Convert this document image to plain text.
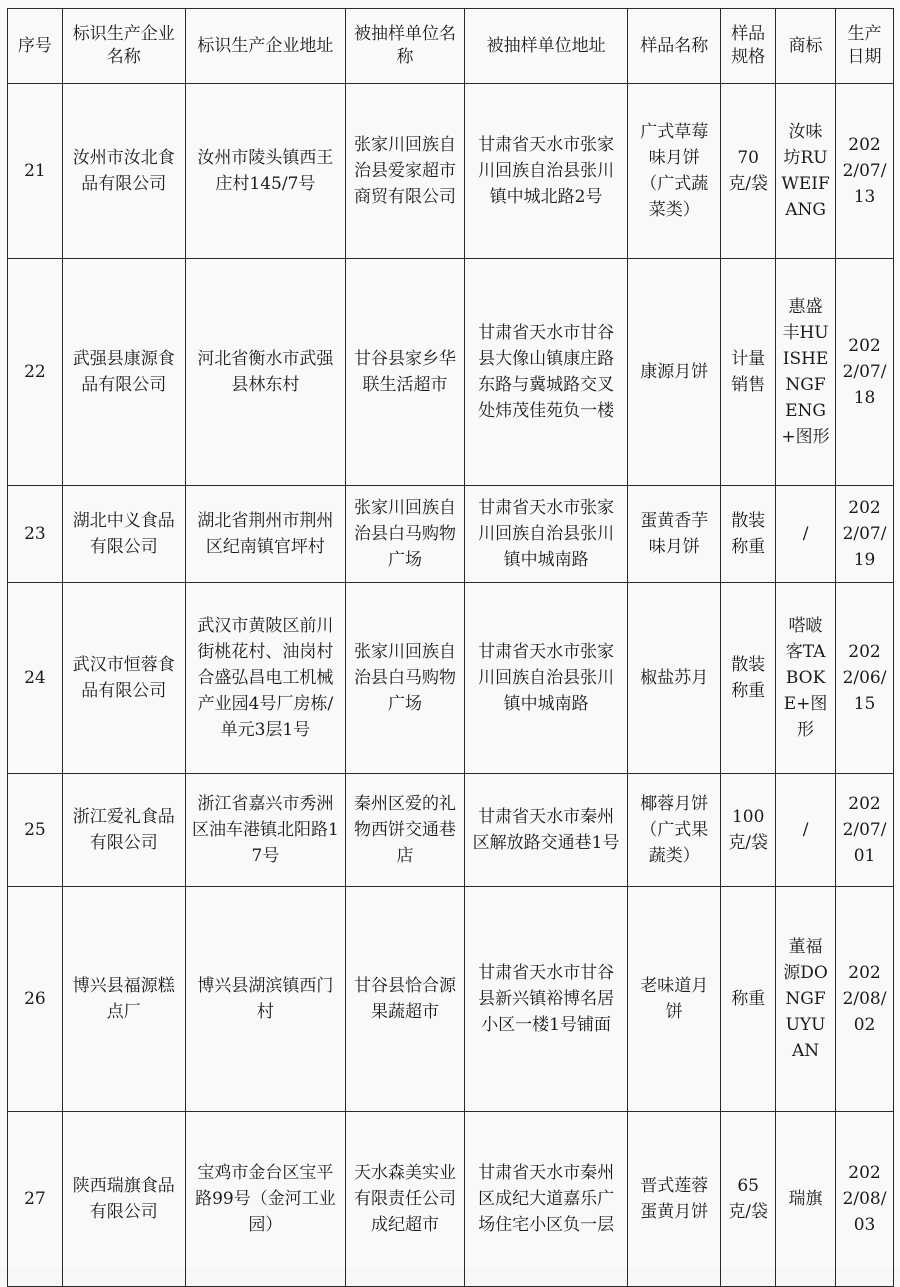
序号	标识生产企业名称	标识生产企业地址	被抽样单位名称	被抽样单位地址	样品名称	样品规格	商标	生产日期
21	汝州市汝北食品有限公司	汝州市陵头镇西王庄村145/7号	张家川回族自治县爱家超市商贸有限公司	甘肃省天水市张家川回族自治县张川镇中城北路2号	广式草莓味月饼（广式蔬菜类）	70克/袋	汝味坊RUWEIFANG	2022/07/13
22	武强县康源食品有限公司	河北省衡水市武强县林东村	甘谷县家乡华联生活超市	甘肃省天水市甘谷县大像山镇康庄路东路与冀城路交叉处炜茂佳苑负一楼	康源月饼	计量销售	惠盛丰HUISHENGFENG+图形	2022/07/18
23	湖北中义食品有限公司	湖北省荆州市荆州区纪南镇官坪村	张家川回族自治县白马购物广场	甘肃省天水市张家川回族自治县张川镇中城南路	蛋黄香芋味月饼	散装称重	/	2022/07/19
24	武汉市恒蓉食品有限公司	武汉市黄陂区前川街桃花村、油岗村合盛弘昌电工机械产业园4号厂房栋/单元3层1号	张家川回族自治县白马购物广场	甘肃省天水市张家川回族自治县张川镇中城南路	椒盐苏月	散装称重	嗒啵客TABOKE+图形	2022/06/15
25	浙江爱礼食品有限公司	浙江省嘉兴市秀洲区油车港镇北阳路17号	秦州区爱的礼物西饼交通巷店	甘肃省天水市秦州区解放路交通巷1号	椰蓉月饼（广式果蔬类）	100克/袋	/	2022/07/01
26	博兴县福源糕点厂	博兴县湖滨镇西门村	甘谷县恰合源果蔬超市	甘肃省天水市甘谷县新兴镇裕博名居小区一楼1号铺面	老味道月饼	称重	董福源DONGFUYUAN	2022/08/02
27	陕西瑞旗食品有限公司	宝鸡市金台区宝平路99号（金河工业园）	天水森美实业有限责任公司成纪超市	甘肃省天水市秦州区成纪大道嘉乐广场住宅小区负一层	晋式莲蓉蛋黄月饼	65克/袋	瑞旗	2022/08/03
